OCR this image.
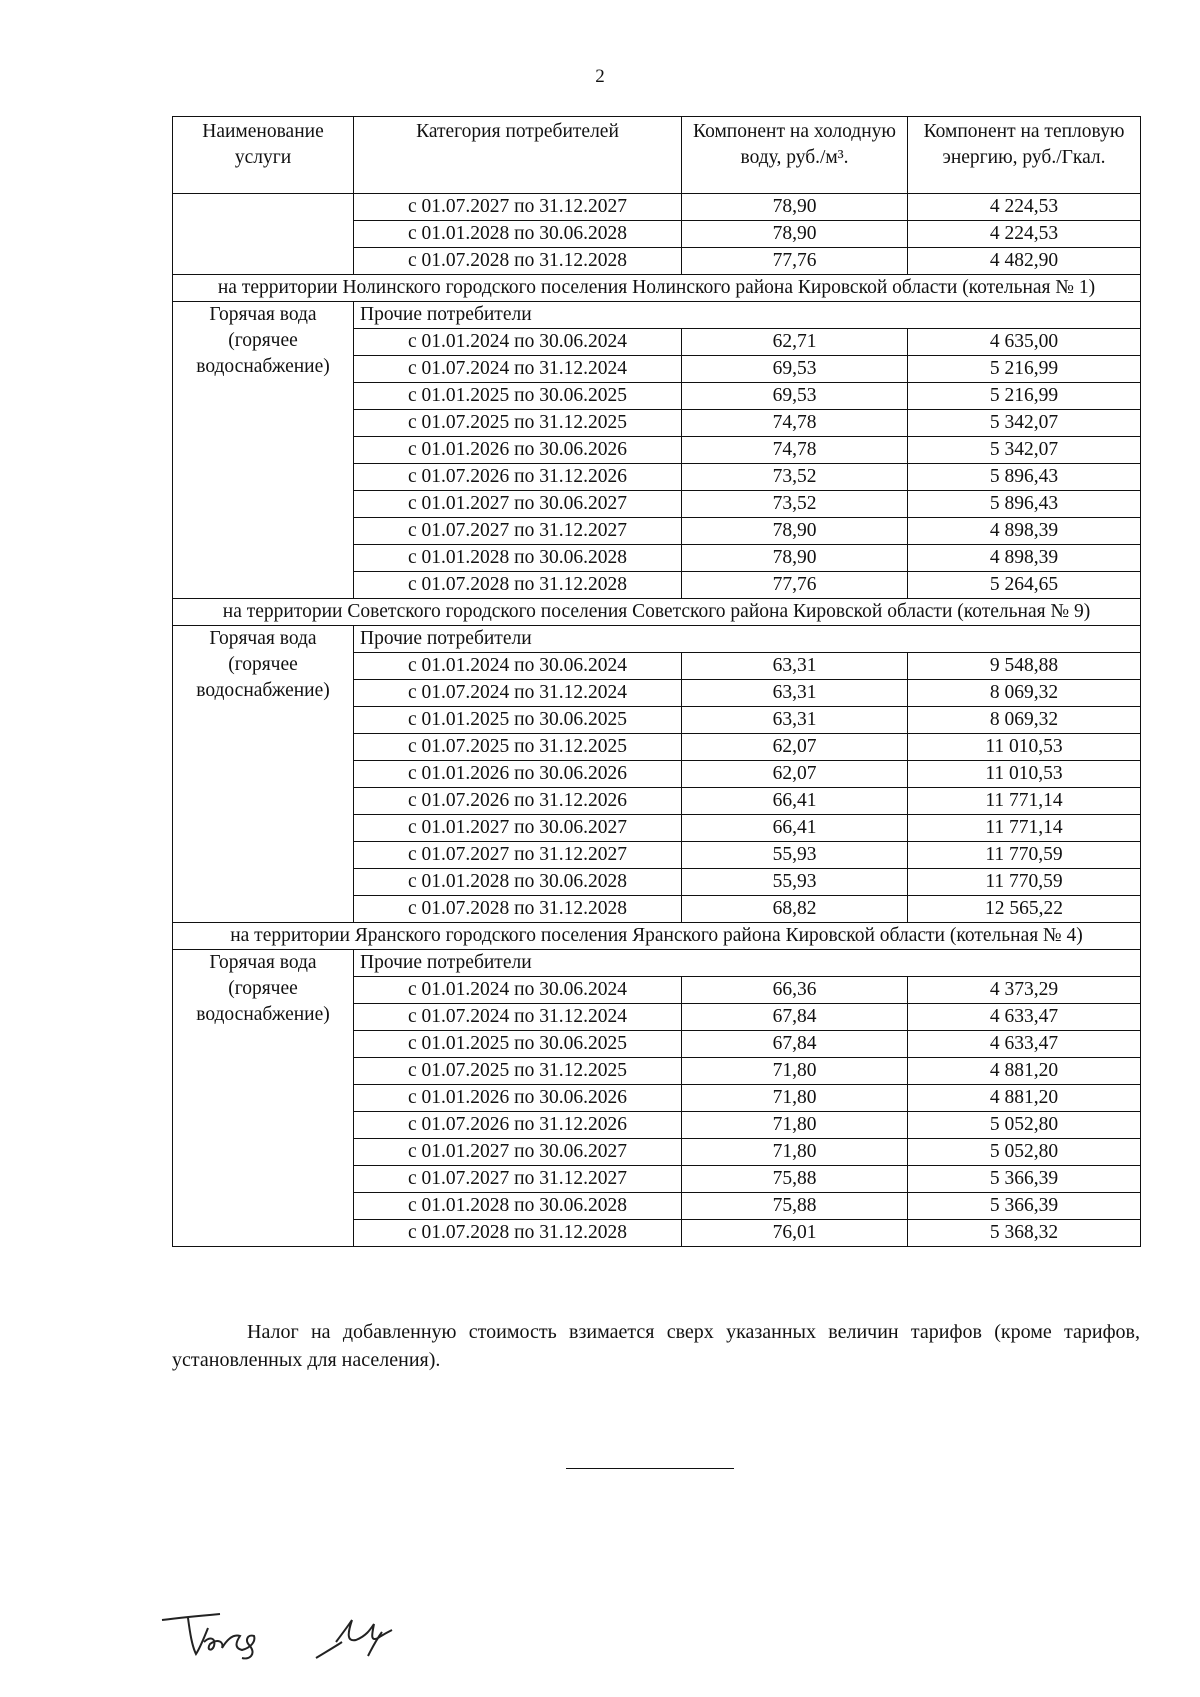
2
Наименование услуги	Категория потребителей	Компонент на холодную воду, руб./м³.	Компонент на тепловую энергию, руб./Гкал.
	с 01.07.2027 по 31.12.2027	78,90	4 224,53
	с 01.01.2028 по 30.06.2028	78,90	4 224,53
	с 01.07.2028 по 31.12.2028	77,76	4 482,90
на территории Нолинского городского поселения Нолинского района Кировской области (котельная № 1)			
Горячая вода (горячее водоснабжение)	Прочие потребители		
	с 01.01.2024 по 30.06.2024	62,71	4 635,00
	с 01.07.2024 по 31.12.2024	69,53	5 216,99
	с 01.01.2025 по 30.06.2025	69,53	5 216,99
	с 01.07.2025 по 31.12.2025	74,78	5 342,07
	с 01.01.2026 по 30.06.2026	74,78	5 342,07
	с 01.07.2026 по 31.12.2026	73,52	5 896,43
	с 01.01.2027 по 30.06.2027	73,52	5 896,43
	с 01.07.2027 по 31.12.2027	78,90	4 898,39
	с 01.01.2028 по 30.06.2028	78,90	4 898,39
	с 01.07.2028 по 31.12.2028	77,76	5 264,65
на территории Советского городского поселения Советского района Кировской области (котельная № 9)			
Горячая вода (горячее водоснабжение)	Прочие потребители		
	с 01.01.2024 по 30.06.2024	63,31	9 548,88
	с 01.07.2024 по 31.12.2024	63,31	8 069,32
	с 01.01.2025 по 30.06.2025	63,31	8 069,32
	с 01.07.2025 по 31.12.2025	62,07	11 010,53
	с 01.01.2026 по 30.06.2026	62,07	11 010,53
	с 01.07.2026 по 31.12.2026	66,41	11 771,14
	с 01.01.2027 по 30.06.2027	66,41	11 771,14
	с 01.07.2027 по 31.12.2027	55,93	11 770,59
	с 01.01.2028 по 30.06.2028	55,93	11 770,59
	с 01.07.2028 по 31.12.2028	68,82	12 565,22
на территории Яранского городского поселения Яранского района Кировской области (котельная № 4)			
Горячая вода (горячее водоснабжение)	Прочие потребители		
	с 01.01.2024 по 30.06.2024	66,36	4 373,29
	с 01.07.2024 по 31.12.2024	67,84	4 633,47
	с 01.01.2025 по 30.06.2025	67,84	4 633,47
	с 01.07.2025 по 31.12.2025	71,80	4 881,20
	с 01.01.2026 по 30.06.2026	71,80	4 881,20
	с 01.07.2026 по 31.12.2026	71,80	5 052,80
	с 01.01.2027 по 30.06.2027	71,80	5 052,80
	с 01.07.2027 по 31.12.2027	75,88	5 366,39
	с 01.01.2028 по 30.06.2028	75,88	5 366,39
	с 01.07.2028 по 31.12.2028	76,01	5 368,32
Налог на добавленную стоимость взимается сверх указанных величин тарифов (кроме тарифов, установленных для населения).
